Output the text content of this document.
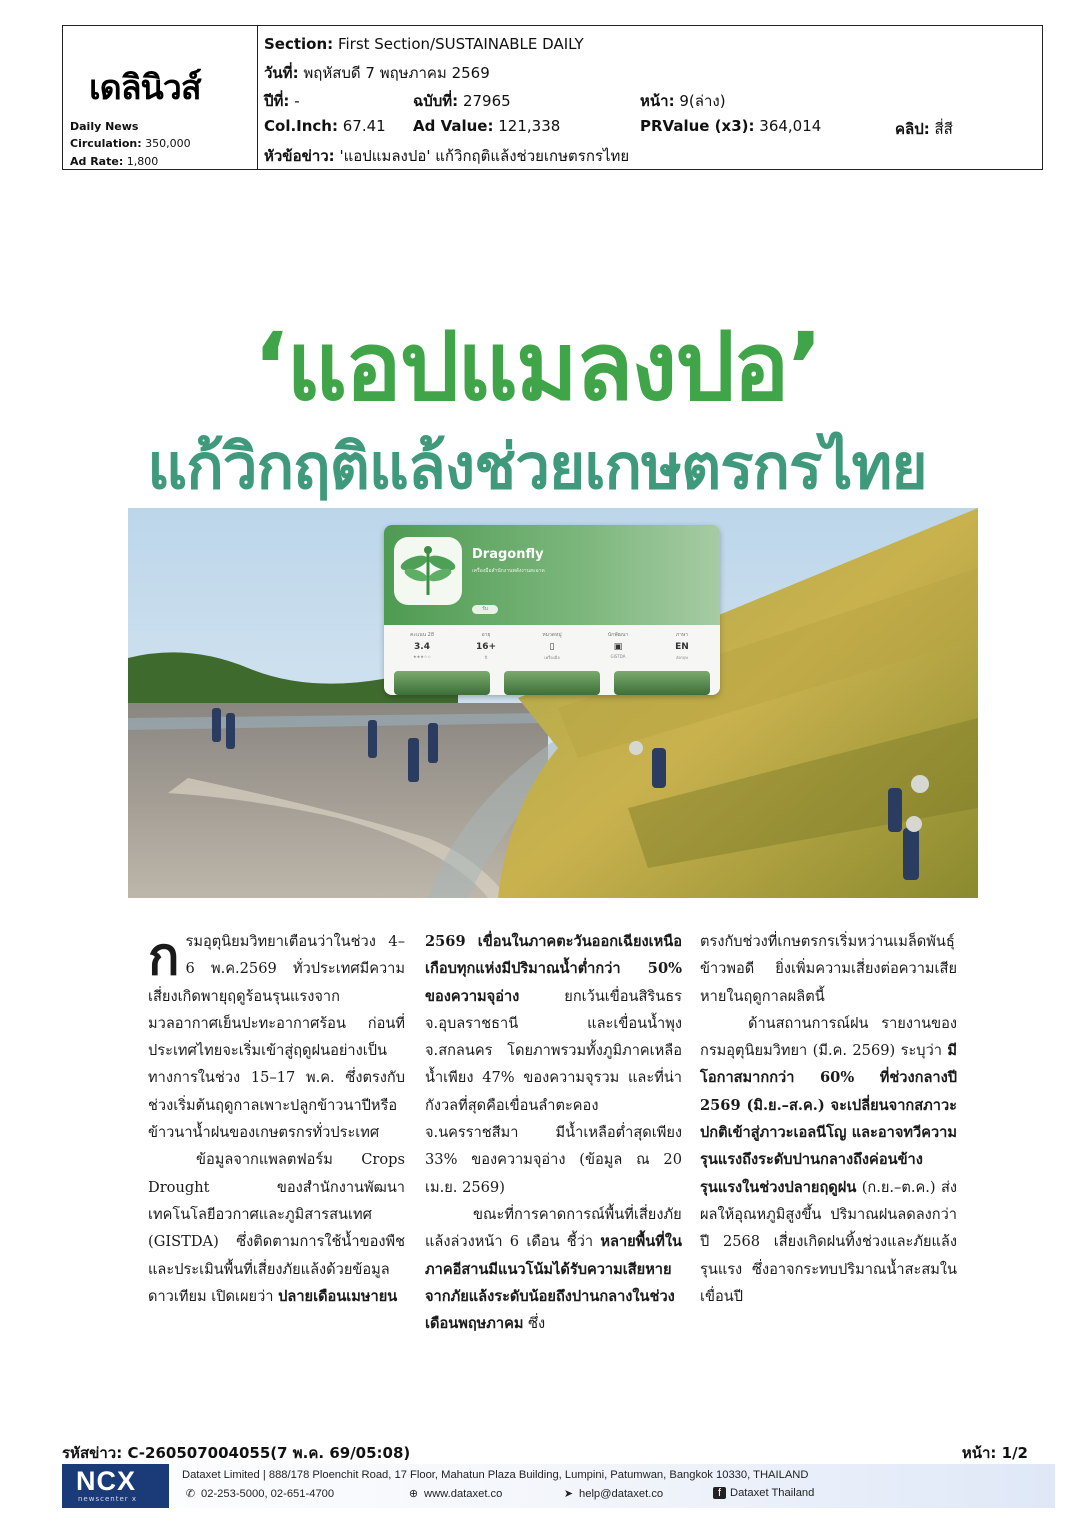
เดลินิวส์
Daily News
Circulation: 350,000
Ad Rate: 1,800
Section: First Section/SUSTAINABLE DAILY
วันที่: พฤหัสบดี 7 พฤษภาคม 2569
ปีที่: -	ฉบับที่: 27965	หน้า: 9(ล่าง)
Col.Inch: 67.41 Ad Value: 121,338	PRValue (x3): 364,014	คลิป: สี่สี
หัวข้อข่าว: 'แอปแมลงปอ' แก้วิกฤติแล้งช่วยเกษตรกรไทย
‘แอปแมลงปอ’
แก้วิกฤติแล้งช่วยเกษตรกรไทย
Dragonfly
เครื่องมือสำนักงานพลังงานสะอาด
รับ
คะแนน 28
3.4
★★★☆☆
อายุ
16+
ปี
หมวดหมู่
▯
เครื่องมือ
นักพัฒนา
▣
GISTDA
ภาษา
EN
อังกฤษ

กรมอุตุนิยมวิทยาเตือนว่าในช่วง 4–6 พ.ค.2569 ทั่วประเทศมีความเสี่ยงเกิดพายุฤดูร้อนรุนแรงจากมวลอากาศเย็นปะทะอากาศร้อน ก่อนที่ประเทศไทยจะเริ่มเข้าสู่ฤดูฝนอย่างเป็นทางการในช่วง 15–17 พ.ค. ซึ่งตรงกับช่วงเริ่มต้นฤดูกาลเพาะปลูกข้าวนาปีหรือข้าวนาน้ำฝนของเกษตรกรทั่วประเทศ

ข้อมูลจากแพลตฟอร์ม Crops Drought ของสำนักงานพัฒนาเทคโนโลยีอวกาศและภูมิสารสนเทศ (GISTDA) ซึ่งติดตามการใช้น้ำของพืชและประเมินพื้นที่เสี่ยงภัยแล้งด้วยข้อมูลดาวเทียม เปิดเผยว่า ปลายเดือนเมษายน

2569 เขื่อนในภาคตะวันออกเฉียงเหนือเกือบทุกแห่งมีปริมาณน้ำต่ำกว่า 50% ของความจุอ่าง	ยกเว้นเขื่อนสิรินธร จ.อุบลราชธานี และเขื่อนน้ำพุง จ.สกลนคร โดยภาพรวมทั้งภูมิภาคเหลือน้ำเพียง 47% ของความจุรวม และที่น่ากังวลที่สุดคือเขื่อนลำตะคอง จ.นครราชสีมา มีน้ำเหลือต่ำสุดเพียง 33% ของความจุอ่าง (ข้อมูล ณ 20 เม.ย. 2569)

ขณะที่การคาดการณ์พื้นที่เสี่ยงภัยแล้งล่วงหน้า 6 เดือน ชี้ว่า หลายพื้นที่ในภาคอีสานมีแนวโน้มได้รับความเสียหายจากภัยแล้งระดับน้อยถึงปานกลางในช่วงเดือนพฤษภาคม ซึ่ง

ตรงกับช่วงที่เกษตรกรเริ่มหว่านเมล็ดพันธุ์ข้าวพอดี ยิ่งเพิ่มความเสี่ยงต่อความเสียหายในฤดูกาลผลิตนี้

ด้านสถานการณ์ฝน รายงานของกรมอุตุนิยมวิทยา (มี.ค. 2569) ระบุว่า มีโอกาสมากกว่า 60% ที่ช่วงกลางปี 2569 (มิ.ย.–ส.ค.) จะเปลี่ยนจากสภาวะปกติเข้าสู่ภาวะเอลนีโญ และอาจทวีความรุนแรงถึงระดับปานกลางถึงค่อนข้างรุนแรงในช่วงปลายฤดูฝน (ก.ย.–ต.ค.) ส่งผลให้อุณหภูมิสูงขึ้น ปริมาณฝนลดลงกว่าปี 2568 เสี่ยงเกิดฝนทิ้งช่วงและภัยแล้งรุนแรง ซึ่งอาจกระทบปริมาณน้ำสะสมในเขื่อนปี

รหัสข่าว: C-260507004055(7 พ.ค. 69/05:08)	หน้า: 1/2
NCX
newscenter x
Dataxet Limited | 888/178 Ploenchit Road, 17 Floor, Mahatun Plaza Building, Lumpini, Patumwan, Bangkok 10330, THAILAND
✆ 02-253-5000, 02-651-4700	⊕ www.dataxet.co	➤ help@dataxet.co	f Dataxet Thailand
